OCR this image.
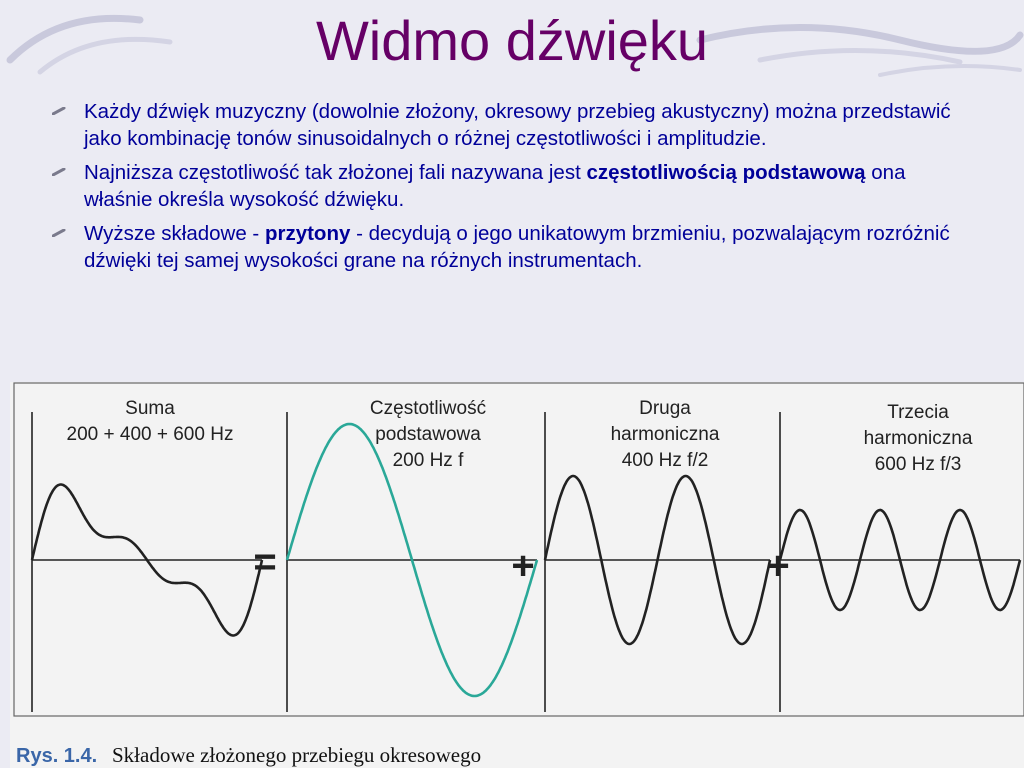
Widmo dźwięku
Każdy dźwięk muzyczny (dowolnie złożony, okresowy przebieg akustyczny) można przedstawić jako kombinację tonów sinusoidalnych o różnej częstotliwości i amplitudzie.
Najniższa częstotliwość tak złożonej fali nazywana jest częstotliwością podstawową ona właśnie określa wysokość dźwięku.
Wyższe składowe - przytony - decydują o jego unikatowym brzmieniu, pozwalającym rozróżnić dźwięki tej samej wysokości grane na różnych instrumentach.
Suma
200 + 400 + 600 Hz
Częstotliwość
podstawowa
200 Hz f
Druga
harmoniczna
400 Hz f/2
Trzecia
harmoniczna
600 Hz f/3
=	+	+
Rys. 1.4. Składowe złożonego przebiegu okresowego
